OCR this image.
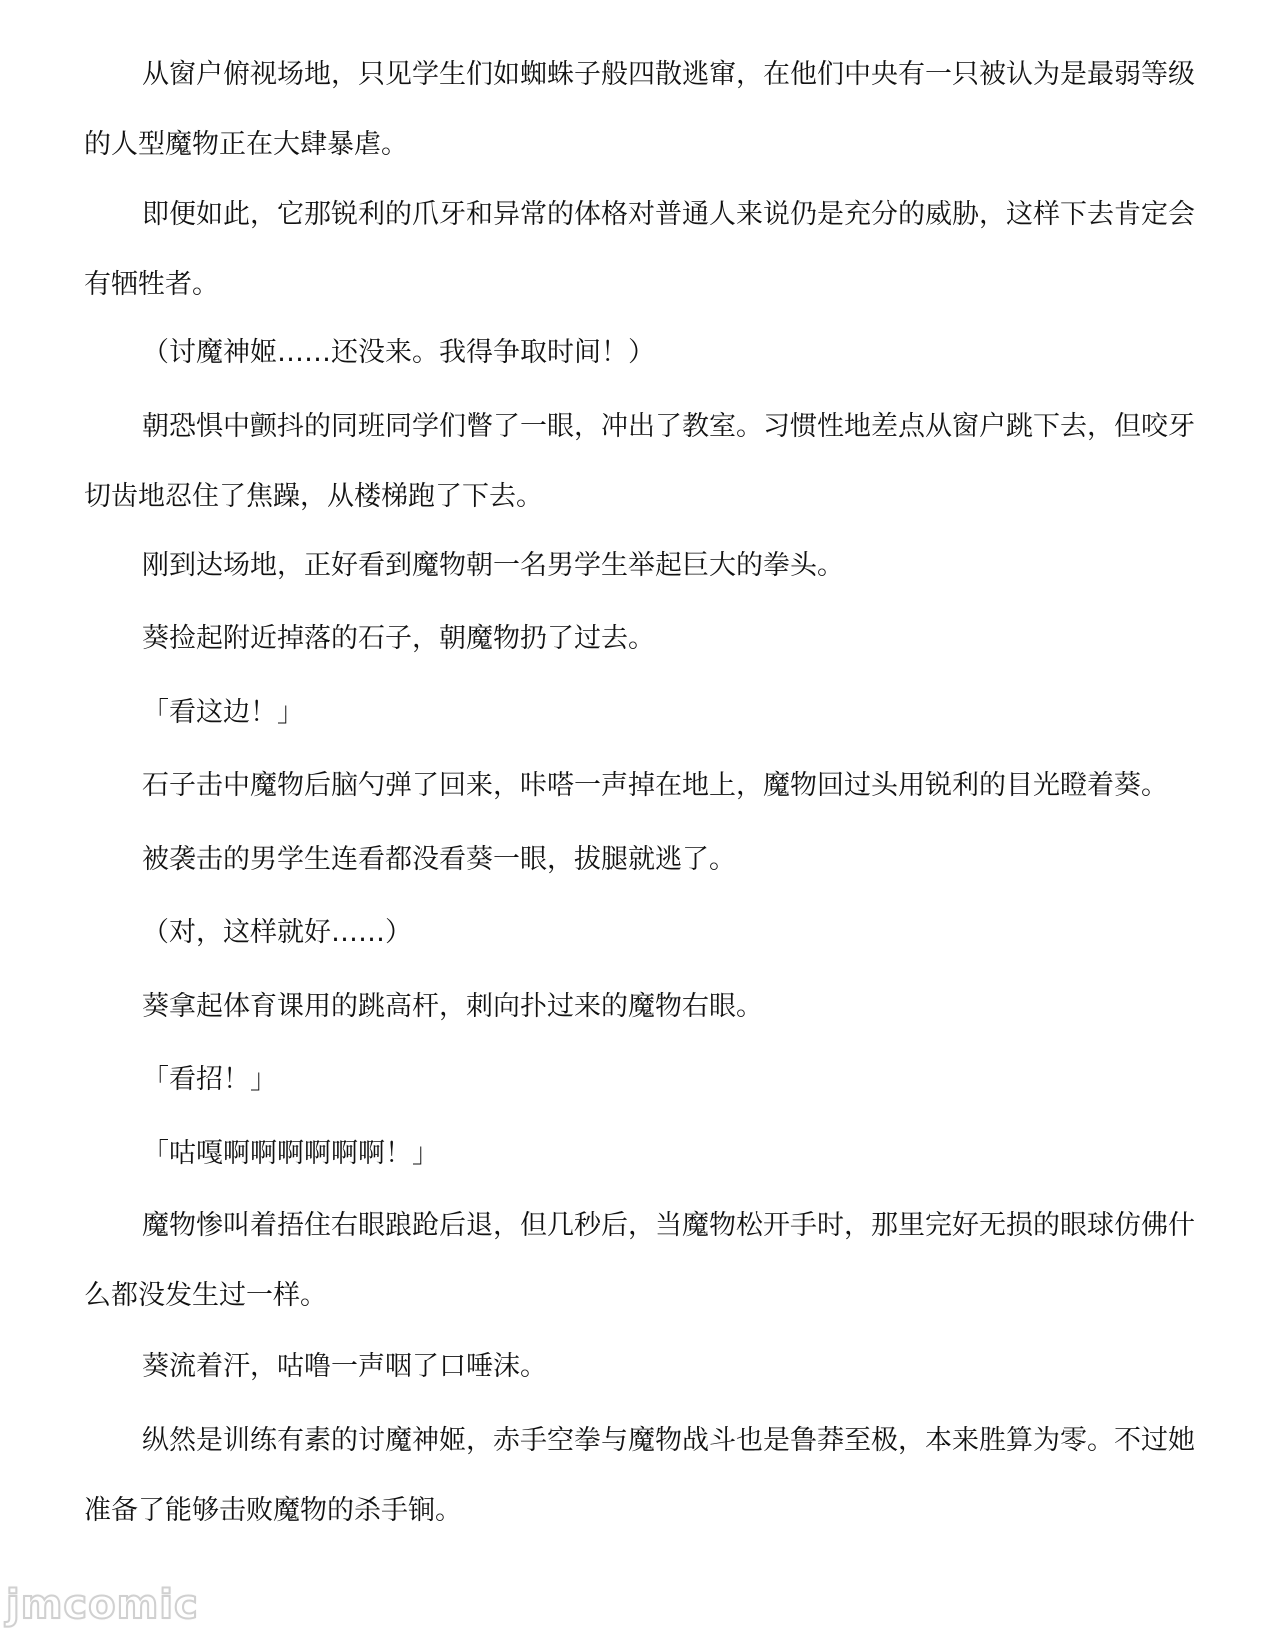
从窗户俯视场地，只见学生们如蜘蛛子般四散逃窜，在他们中央有一只被认为是最弱等级的人型魔物正在大肆暴虐。

即便如此，它那锐利的爪牙和异常的体格对普通人来说仍是充分的威胁，这样下去肯定会有牺牲者。

（讨魔神姬……还没来。我得争取时间！）

朝恐惧中颤抖的同班同学们瞥了一眼，冲出了教室。习惯性地差点从窗户跳下去，但咬牙切齿地忍住了焦躁，从楼梯跑了下去。

刚到达场地，正好看到魔物朝一名男学生举起巨大的拳头。

葵捡起附近掉落的石子，朝魔物扔了过去。

「看这边！」

石子击中魔物后脑勺弹了回来，咔嗒一声掉在地上，魔物回过头用锐利的目光瞪着葵。

被袭击的男学生连看都没看葵一眼，拔腿就逃了。

（对，这样就好……）

葵拿起体育课用的跳高杆，刺向扑过来的魔物右眼。

「看招！」

「咕嘎啊啊啊啊啊啊！」

魔物惨叫着捂住右眼踉跄后退，但几秒后，当魔物松开手时，那里完好无损的眼球仿佛什么都没发生过一样。

葵流着汗，咕噜一声咽了口唾沫。

纵然是训练有素的讨魔神姬，赤手空拳与魔物战斗也是鲁莽至极，本来胜算为零。不过她准备了能够击败魔物的杀手锏。

jmcomic
